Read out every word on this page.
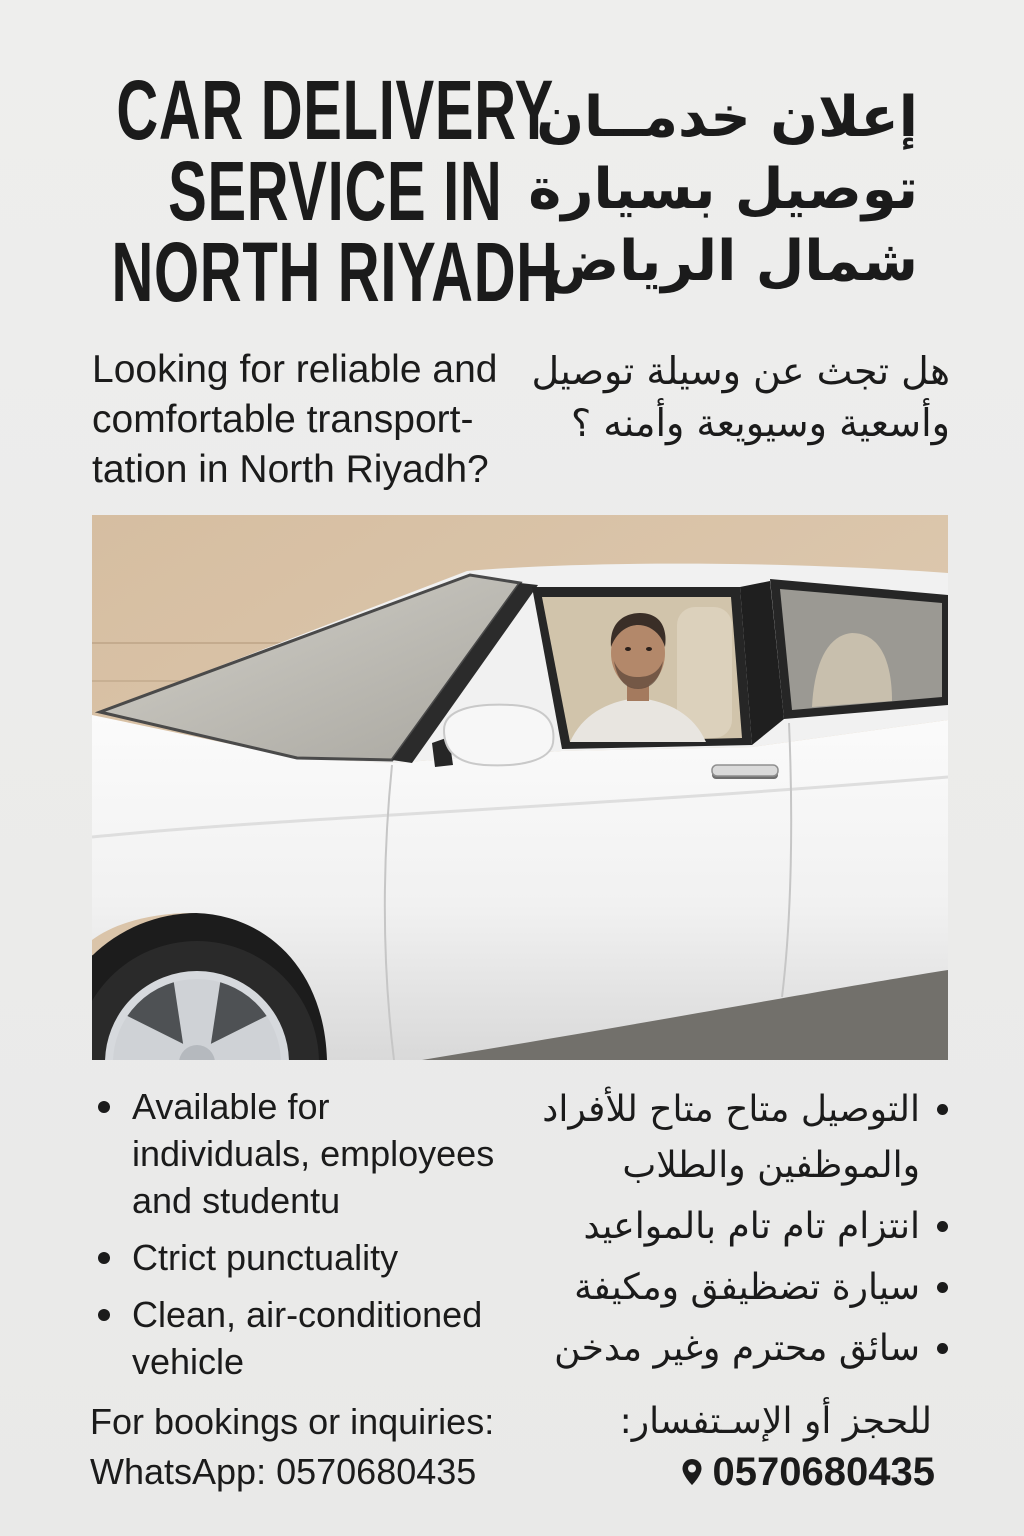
CAR DELIVERY
SERVICE IN
NORTH RIYADH
إعلان خدمــان
توصيل بسيارة
شمال الرياض
Looking for reliable and
comfortable transport-
tation in North Riyadh?
هل تجث عن وسيلة توصيل
وأسعية وسيويعة وأمنه ؟
Available for
individuals, employees
and studentu
Ctrict punctuality
Clean, air-conditioned
vehicle
التوصيل متاح متاح للأفراد
والموظفين والطلاب
انتزام تام تام بالمواعيد
سيارة تضظيفق ومكيفة
سائق محترم وغير مدخن
For bookings or inquiries:
WhatsApp: 0570680435
للحجز أو الإسـتفسار:
0570680435
